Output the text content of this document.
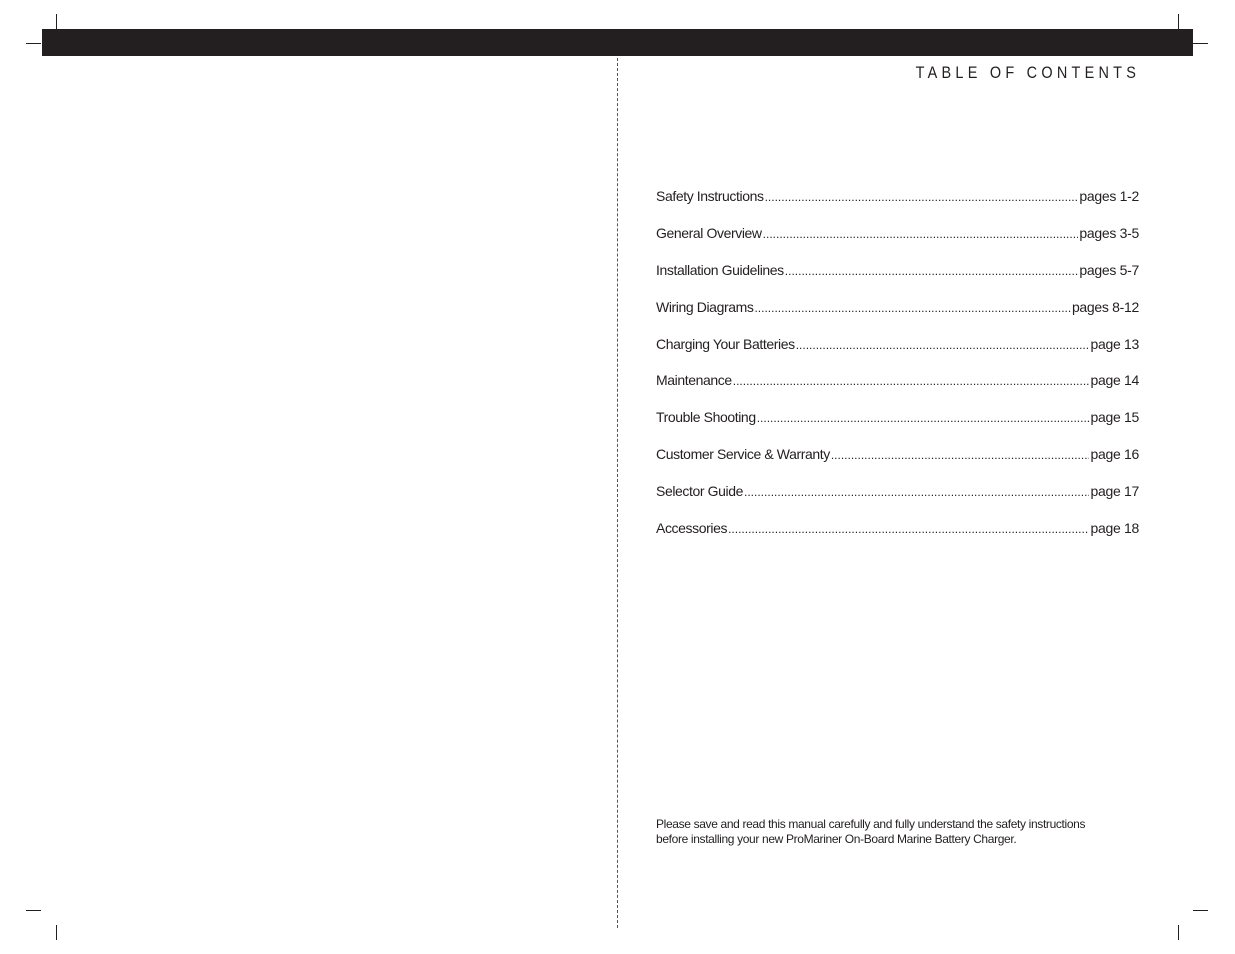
TABLE OF CONTENTS
Safety Instructions .....	pages 1-2
General Overview .....	pages 3-5
Installation Guidelines .....	pages 5-7
Wiring Diagrams .....	pages 8-12
Charging Your Batteries .....	page 13
Maintenance .....	page 14
Trouble Shooting .....	page 15
Customer Service & Warranty .....	page 16
Selector Guide .....	page 17
Accessories .....	page 18

Please save and read this manual carefully and fully understand the safety instructions

before installing your new ProMariner On-Board Marine Battery Charger.
